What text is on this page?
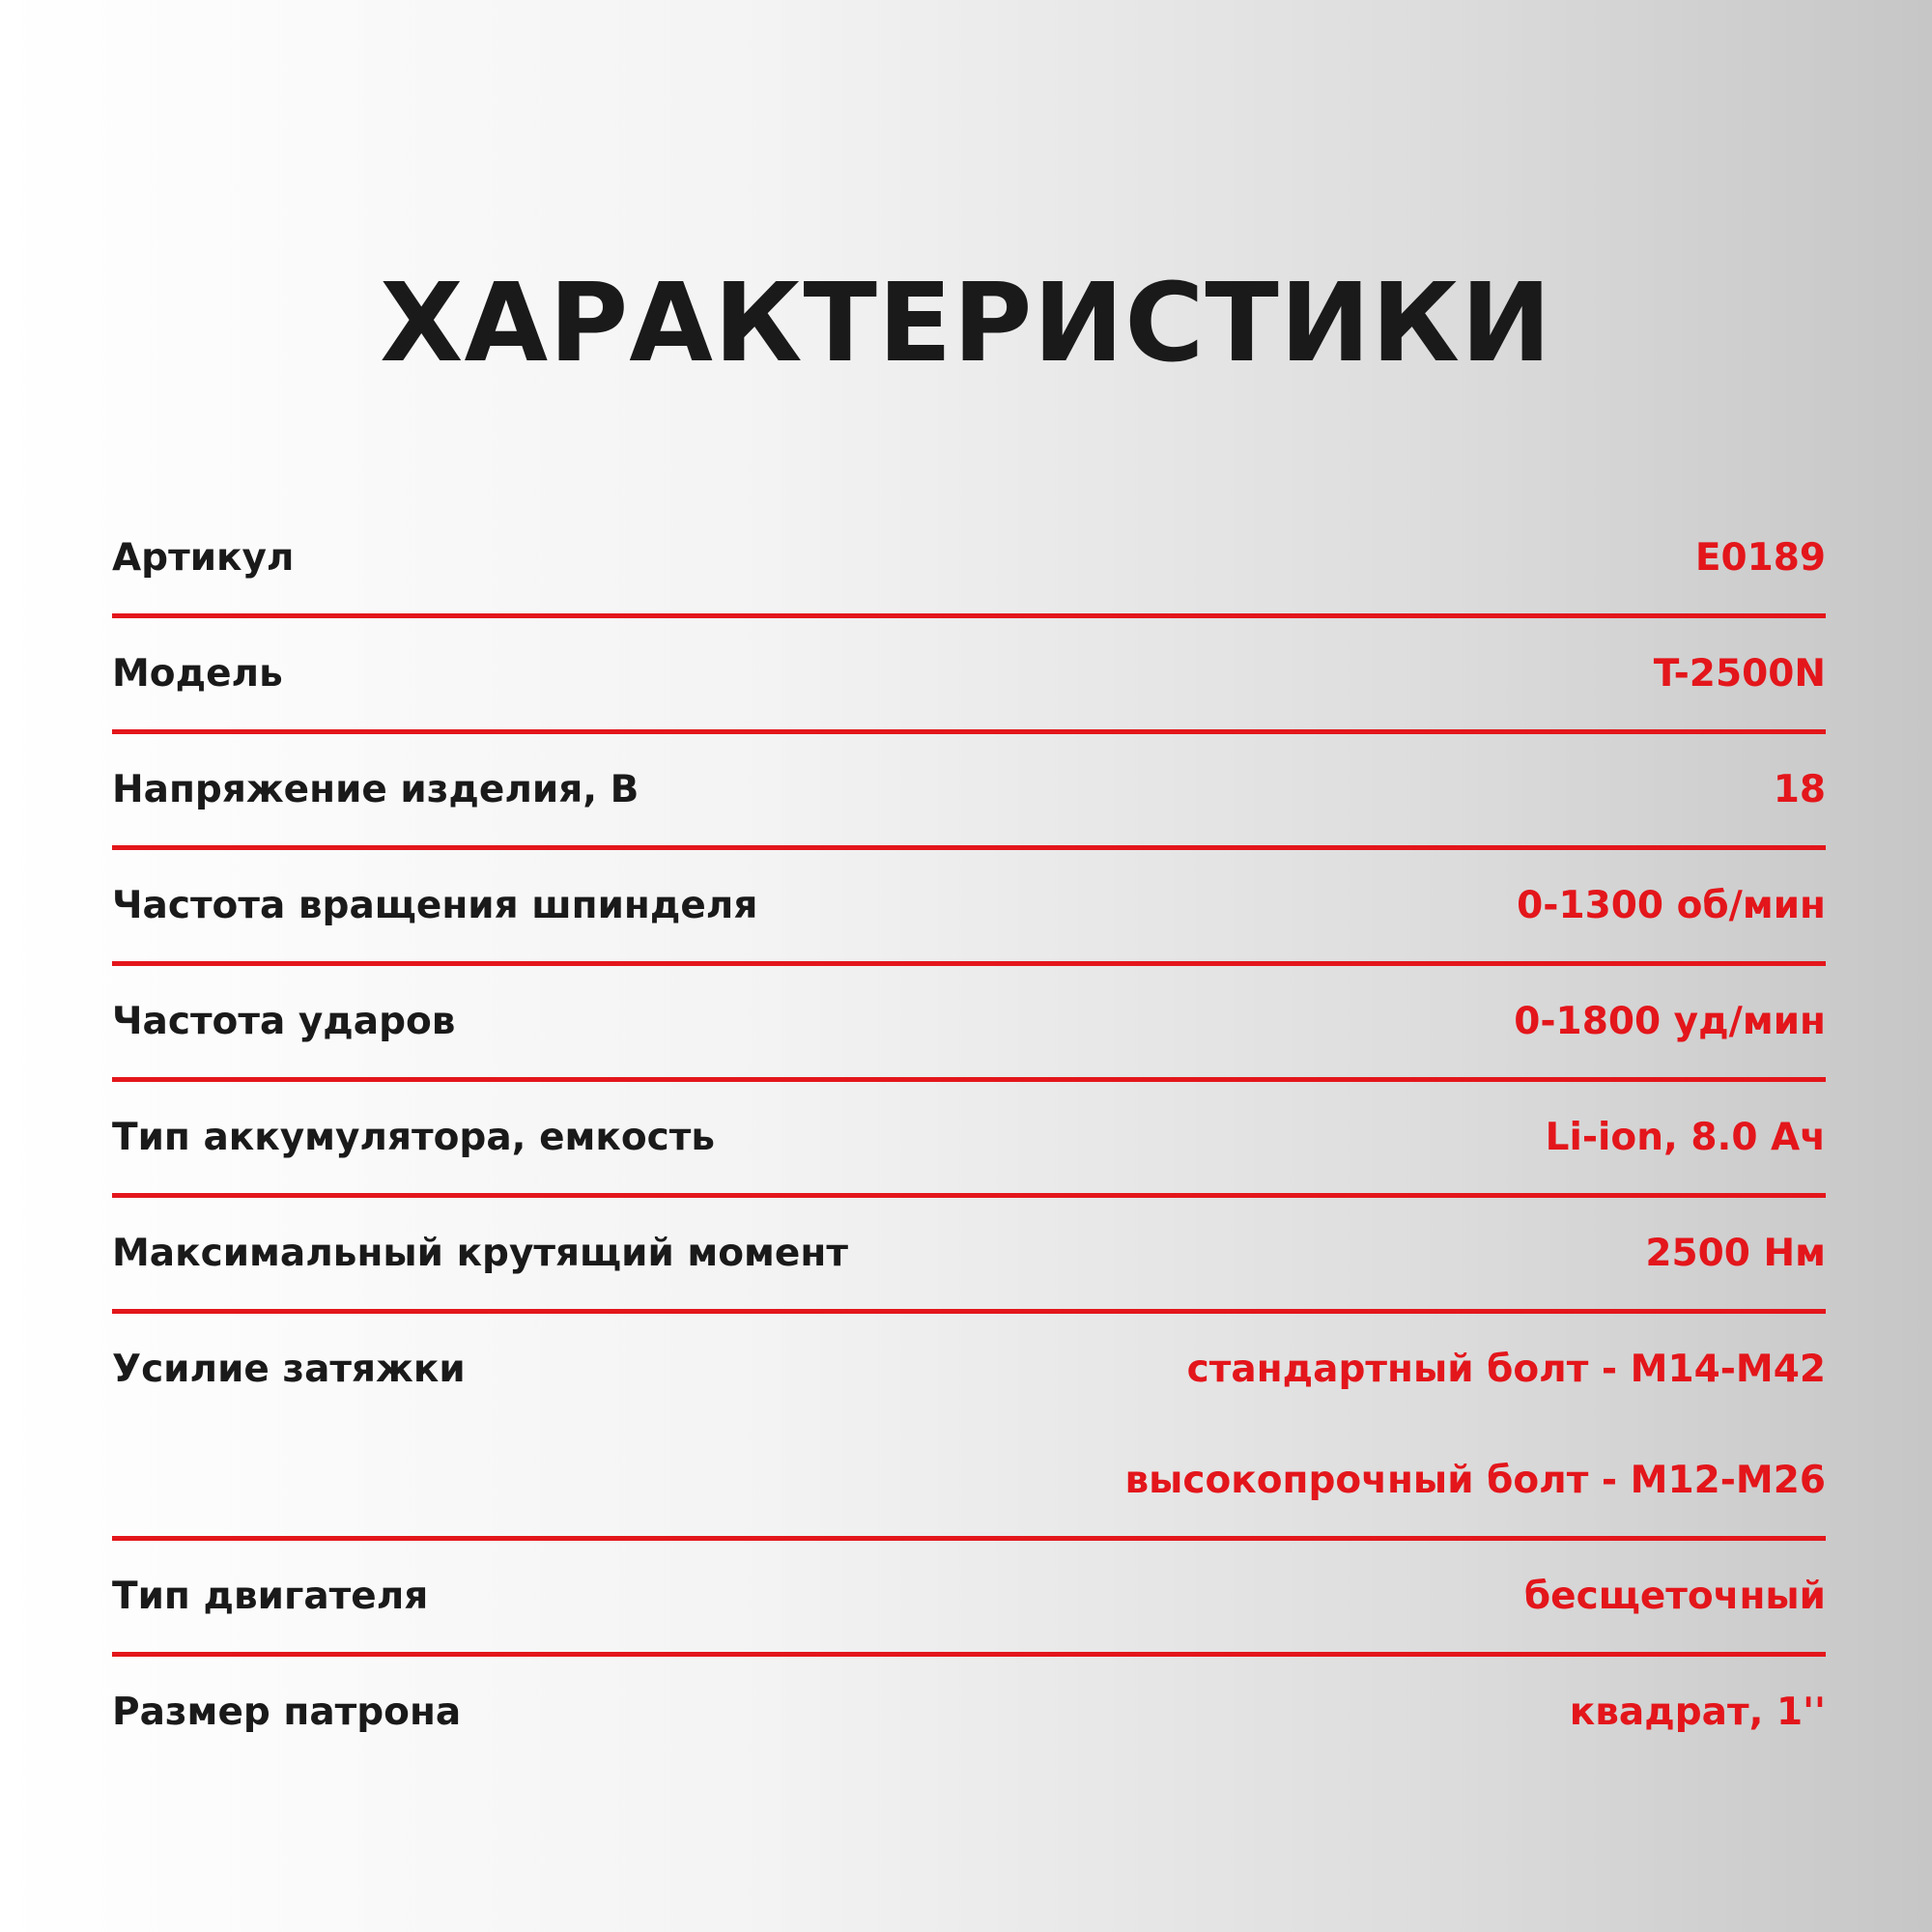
ХАРАКТЕРИСТИКИ
Артикул	E0189
Модель	T-2500N
Напряжение изделия, В	18
Частота вращения шпинделя	0-1300 об/мин
Частота ударов	0-1800 уд/мин
Тип аккумулятора, емкость	Li-ion, 8.0 Ач
Максимальный крутящий момент	2500 Нм
Усилие затяжки	стандартный болт - M14-M42
высокопрочный болт - M12-M26
Тип двигателя	бесщеточный
Размер патрона	квадрат, 1''
